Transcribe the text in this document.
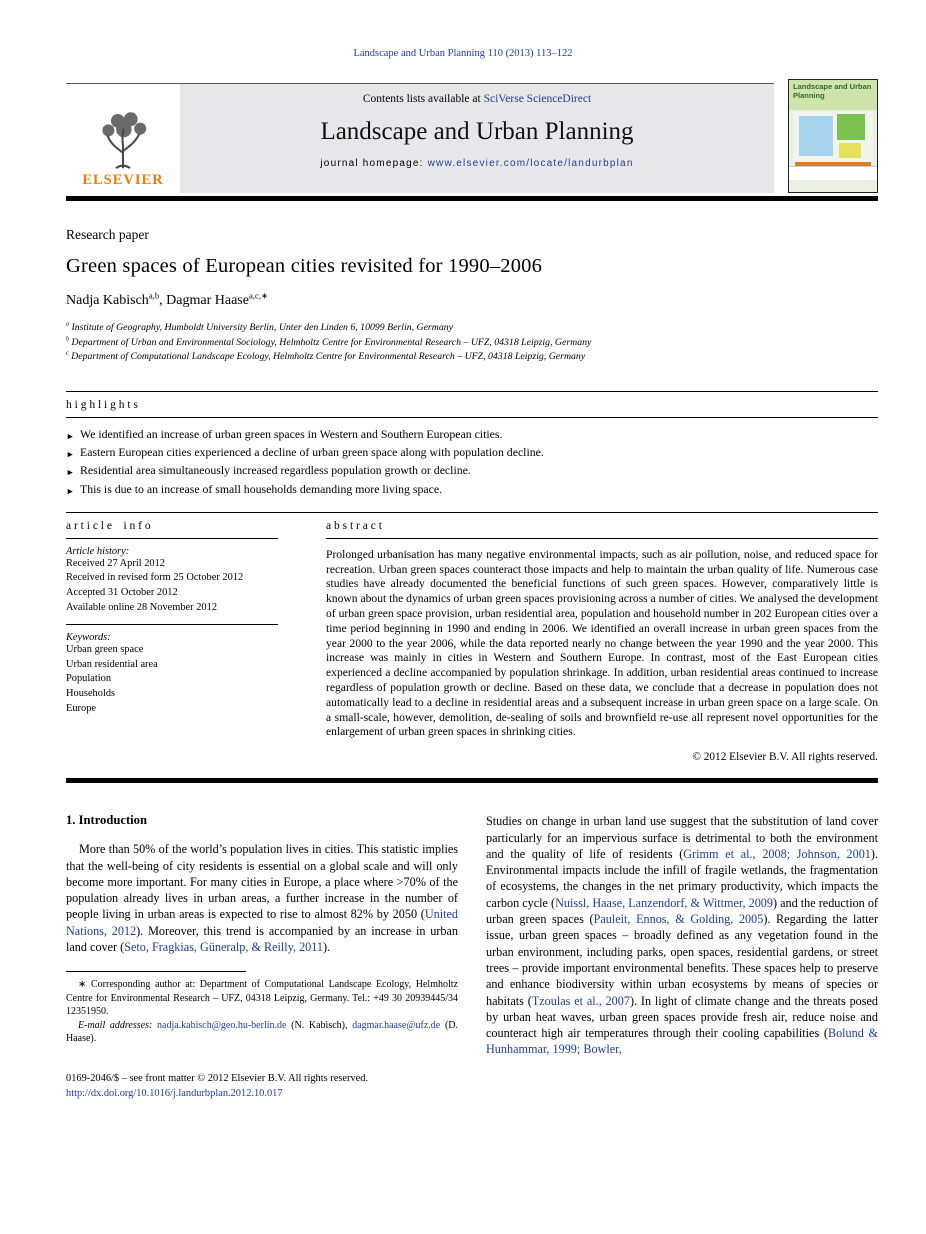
Landscape and Urban Planning 110 (2013) 113–122
ELSEVIER
Contents lists available at SciVerse ScienceDirect
Landscape and Urban Planning
journal homepage: www.elsevier.com/locate/landurbplan
Landscape and Urban Planning
Research paper
Green spaces of European cities revisited for 1990–2006
Nadja Kabisch$^{a,b}$, Dagmar Haase$^{a,c,∗}$
$^a$ Institute of Geography, Humboldt University Berlin, Unter den Linden 6, 10099 Berlin, Germany
$^b$ Department of Urban and Environmental Sociology, Helmholtz Centre for Environmental Research – UFZ, 04318 Leipzig, Germany
$^c$ Department of Computational Landscape Ecology, Helmholtz Centre for Environmental Research – UFZ, 04318 Leipzig, Germany
h i g h l i g h t s
► We identified an increase of urban green spaces in Western and Southern European cities.
► Eastern European cities experienced a decline of urban green space along with population decline.
► Residential area simultaneously increased regardless population growth or decline.
► This is due to an increase of small households demanding more living space.
a r t i c l e    i n f o
Article history:
Received 27 April 2012
Received in revised form 25 October 2012
Accepted 31 October 2012
Available online 28 November 2012
Keywords:
Urban green space
Urban residential area
Population
Households
Europe
a b s t r a c t

Prolonged urbanisation has many negative environmental impacts, such as air pollution, noise, and reduced space for recreation. Urban green spaces counteract those impacts and help to maintain the urban quality of life. Numerous case studies have already documented the beneficial functions of such green spaces. However, comparatively little is known about the dynamics of urban green spaces provisioning across a number of cities. We analysed the development of urban green space provision, urban residential area, population and household number in 202 European cities over a time period beginning in 1990 and ending in 2006. We identified an overall increase in urban green spaces from the year 2000 to the year 2006, while the data reported nearly no change between the year 1990 and the year 2000. This increase was mainly in cities in Western and Southern Europe. In contrast, most of the East European cities experienced a decline accompanied by population shrinkage. In addition, urban residential areas continued to increase regardless of population growth or decline. Based on these data, we conclude that a decrease in population does not automatically lead to a decline in residential areas and a subsequent increase in urban green space on a large scale. On a small-scale, however, demolition, de-sealing of soils and brownfield re-use all represent novel opportunities for the enlargement of urban green spaces in shrinking cities.

© 2012 Elsevier B.V. All rights reserved.
1. Introduction

More than 50% of the world’s population lives in cities. This statistic implies that the well-being of city residents is essential on a global scale and will only become more important. For many cities in Europe, a place where >70% of the population already lives in urban areas, a further increase in the number of people living in urban areas is expected to rise to almost 82% by 2050 (United Nations, 2012). Moreover, this trend is accompanied by an increase in urban land cover (Seto, Fragkias, Güneralp, & Reilly, 2011).

∗ Corresponding author at: Department of Computational Landscape Ecology, Helmholtz Centre for Environmental Research – UFZ, 04318 Leipzig, Germany. Tel.: +49 30 20939445/34 12351950.
E-mail addresses: nadja.kabisch@geo.hu-berlin.de (N. Kabisch), dagmar.haase@ufz.de (D. Haase).
0169-2046/$ – see front matter © 2012 Elsevier B.V. All rights reserved.
http://dx.doi.org/10.1016/j.landurbplan.2012.10.017

Studies on change in urban land use suggest that the substitution of land cover particularly for an impervious surface is detrimental to both the environment and the quality of life of residents (Grimm et al., 2008; Johnson, 2001). Environmental impacts include the infill of fragile wetlands, the fragmentation of ecosystems, the changes in the net primary productivity, which impacts the carbon cycle (Nuissl, Haase, Lanzendorf, & Wittmer, 2009) and the reduction of urban green spaces (Pauleit, Ennos, & Golding, 2005). Regarding the latter issue, urban green spaces – broadly defined as any vegetation found in the urban environment, including parks, open spaces, residential gardens, or street trees – provide important environmental benefits. These spaces help to preserve and enhance biodiversity within urban ecosystems by means of species or habitats (Tzoulas et al., 2007). In light of climate change and the threats posed by urban heat waves, urban green spaces provide fresh air, reduce noise and counteract high air temperatures through their cooling capabilities (Bolund & Hunhammar, 1999; Bowler,
